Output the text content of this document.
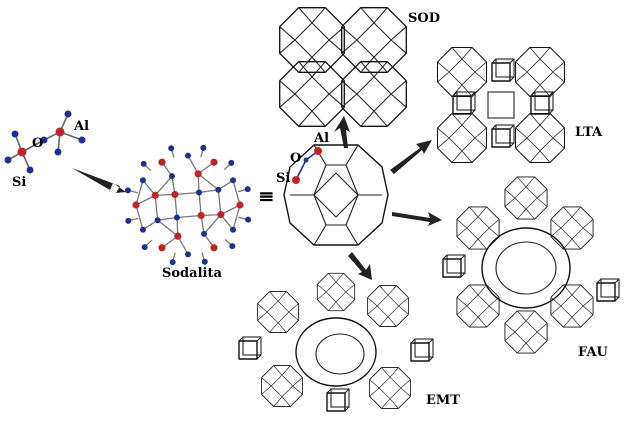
O
Al
Si
O
Al
Si
≡
SOD
LTA
FAU
EMT
Sodalita
